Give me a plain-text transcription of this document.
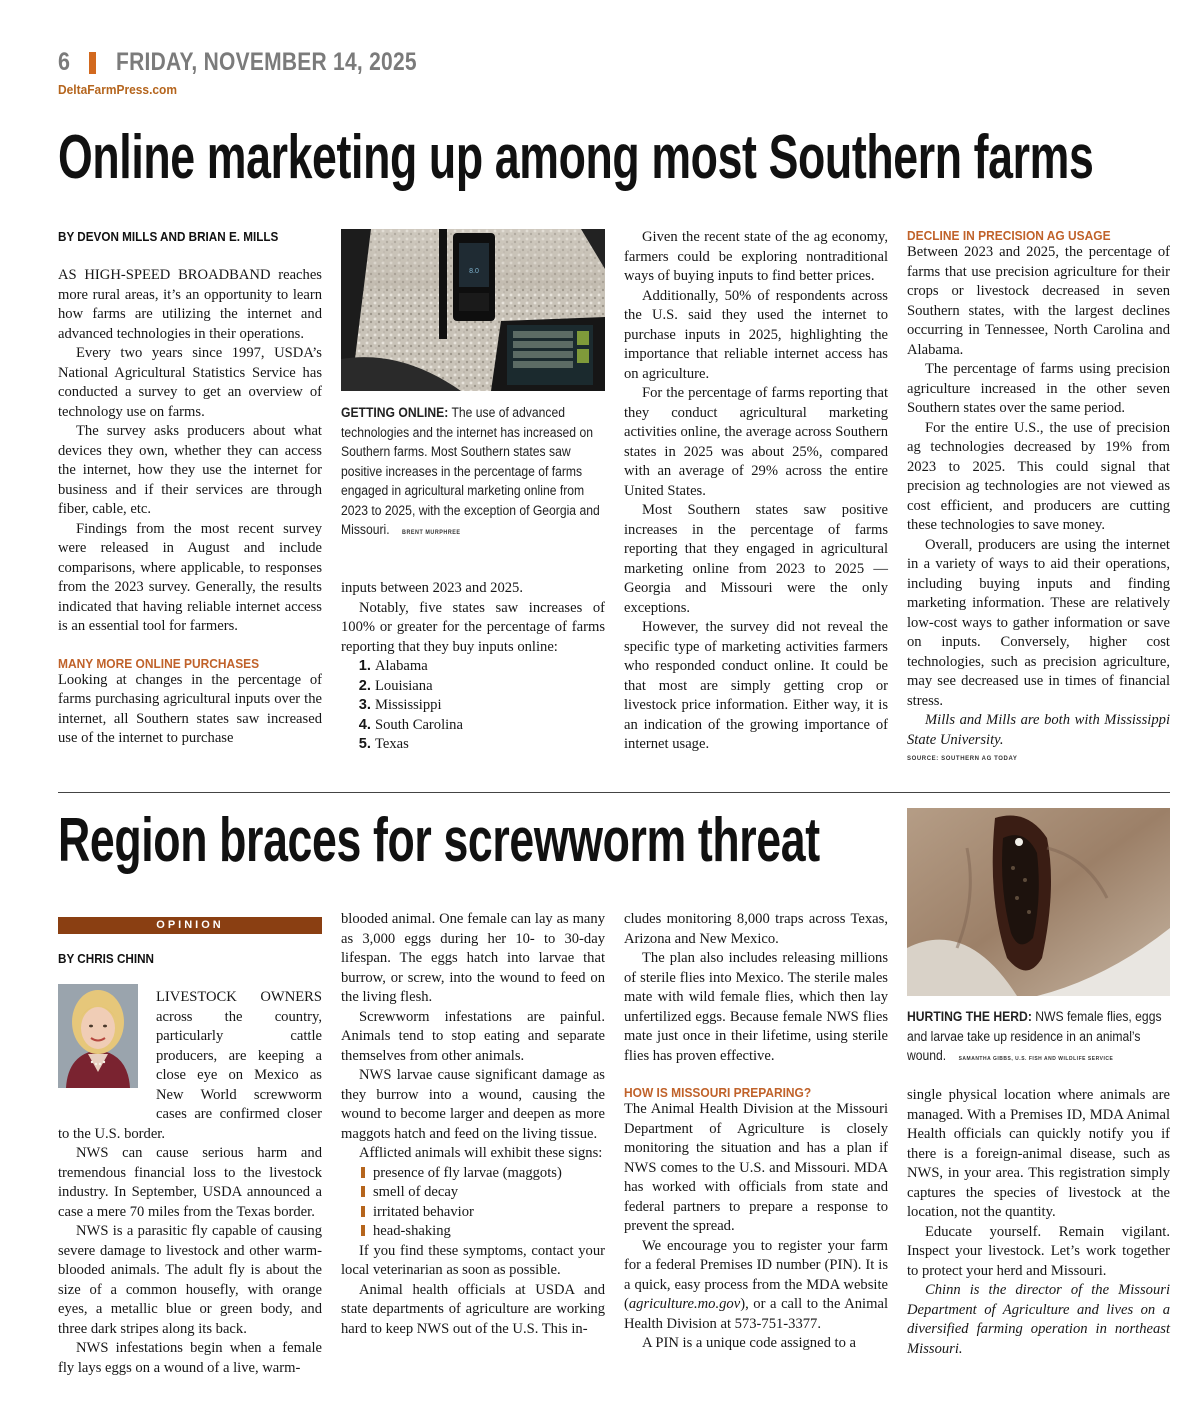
6 FRIDAY, NOVEMBER 14, 2025
DeltaFarmPress.com
Online marketing up among most Southern farms
BY DEVON MILLS AND BRIAN E. MILLS

AS HIGH-SPEED BROADBAND reaches more rural areas, it’s an opportunity to learn how farms are utilizing the internet and advanced technologies in their operations.

Every two years since 1997, USDA’s National Agricultural Statistics Service has conducted a survey to get an overview of technology use on farms.

The survey asks producers about what devices they own, whether they can access the internet, how they use the internet for business and if their services are through fiber, cable, etc.

Findings from the most recent survey were released in August and include comparisons, where applicable, to responses from the 2023 survey. Generally, the results indicated that having reliable internet access is an essential tool for farmers.

MANY MORE ONLINE PURCHASES

Looking at changes in the percentage of farms purchasing agricultural inputs over the internet, all Southern states saw increased use of the internet to purchase

8.0
GETTING ONLINE: The use of advanced technologies and the internet has increased on Southern farms. Most Southern states saw positive increases in the percentage of farms engaged in agricultural marketing online from 2023 to 2025, with the exception of Georgia and Missouri. BRENT MURPHREE

inputs between 2023 and 2025.

Notably, five states saw increases of 100% or greater for the percentage of farms reporting that they buy inputs online:

1. Alabama
2. Louisiana
3. Mississippi
4. South Carolina
5. Texas

Given the recent state of the ag economy, farmers could be exploring nontraditional ways of buying inputs to find better prices.

Additionally, 50% of respondents across the U.S. said they used the internet to purchase inputs in 2025, highlighting the importance that reliable internet access has on agriculture.

For the percentage of farms reporting that they conduct agricultural marketing activities online, the average across Southern states in 2025 was about 25%, compared with an average of 29% across the entire United States.

Most Southern states saw positive increases in the percentage of farms reporting that they engaged in agricultural marketing online from 2023 to 2025 — Georgia and Missouri were the only exceptions.

However, the survey did not reveal the specific type of marketing activities farmers who responded conduct online. It could be that most are simply getting crop or livestock price information. Either way, it is an indication of the growing importance of internet usage.

DECLINE IN PRECISION AG USAGE

Between 2023 and 2025, the percentage of farms that use precision agriculture for their crops or livestock decreased in seven Southern states, with the largest declines occurring in Tennessee, North Carolina and Alabama.

The percentage of farms using precision agriculture increased in the other seven Southern states over the same period.

For the entire U.S., the use of precision ag technologies decreased by 19% from 2023 to 2025. This could signal that precision ag technologies are not viewed as cost efficient, and producers are cutting these technologies to save money.

Overall, producers are using the internet in a variety of ways to aid their operations, including buying inputs and finding marketing information. These are relatively low-cost ways to gather information or save on inputs. Conversely, higher cost technologies, such as precision agriculture, may see decreased use in times of financial stress.

Mills and Mills are both with Mississippi State University.

SOURCE: SOUTHERN AG TODAY
Region braces for screwworm threat
OPINION
BY CHRIS CHINN

LIVESTOCK OWNERS across the country, particularly cattle producers, are keeping a close eye on Mexico as New World screwworm cases are confirmed closer to the U.S. border.

NWS can cause serious harm and tremendous financial loss to the livestock industry. In September, USDA announced a case a mere 70 miles from the Texas border.

NWS is a parasitic fly capable of causing severe damage to livestock and other warm-blooded animals. The adult fly is about the size of a common housefly, with orange eyes, a metallic blue or green body, and three dark stripes along its back.

NWS infestations begin when a female fly lays eggs on a wound of a live, warm-

blooded animal. One female can lay as many as 3,000 eggs during her 10- to 30-day lifespan. The eggs hatch into larvae that burrow, or screw, into the wound to feed on the living flesh.

Screwworm infestations are painful. Animals tend to stop eating and separate themselves from other animals.

NWS larvae cause significant damage as they burrow into a wound, causing the wound to become larger and deepen as more maggots hatch and feed on the living tissue.

Afflicted animals will exhibit these signs:

presence of fly larvae (maggots)
smell of decay
irritated behavior
head-shaking

If you find these symptoms, contact your local veterinarian as soon as possible.

Animal health officials at USDA and state departments of agriculture are working hard to keep NWS out of the U.S. This in-

cludes monitoring 8,000 traps across Texas, Arizona and New Mexico.

The plan also includes releasing millions of sterile flies into Mexico. The sterile males mate with wild female flies, which then lay unfertilized eggs. Because female NWS flies mate just once in their lifetime, using sterile flies has proven effective.

HOW IS MISSOURI PREPARING?

The Animal Health Division at the Missouri Department of Agriculture is closely monitoring the situation and has a plan if NWS comes to the U.S. and Missouri. MDA has worked with officials from state and federal partners to prepare a response to prevent the spread.

We encourage you to register your farm for a federal Premises ID number (PIN). It is a quick, easy process from the MDA website (agriculture.mo.gov), or a call to the Animal Health Division at 573-751-3377.

A PIN is a unique code assigned to a

HURTING THE HERD: NWS female flies, eggs and larvae take up residence in an animal’s wound. SAMANTHA GIBBS, U.S. FISH AND WILDLIFE SERVICE

single physical location where animals are managed. With a Premises ID, MDA Animal Health officials can quickly notify you if there is a foreign-animal disease, such as NWS, in your area. This registration simply captures the species of livestock at the location, not the quantity.

Educate yourself. Remain vigilant. Inspect your livestock. Let’s work together to protect your herd and Missouri.

Chinn is the director of the Missouri Department of Agriculture and lives on a diversified farming operation in northeast Missouri.
